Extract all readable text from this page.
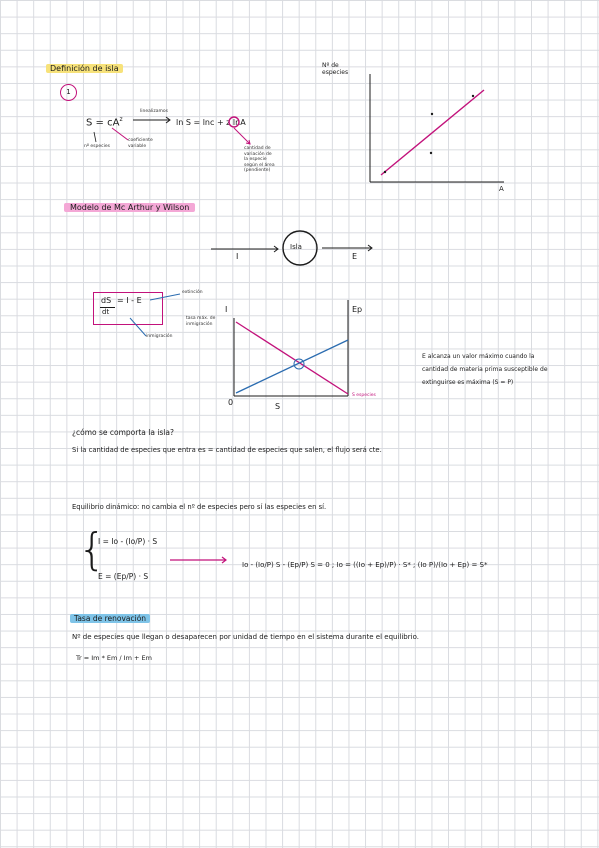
Definición de isla
1
$S = cA^z$
linealizamos
ln S = lnc + z lnA
nº especies
coeficiente variable	cantidad de variación de la especie según el área (pendiente)
Nº de especies
A
Modelo de Mc Arthur y Wilson
Isla
I	E
dS
dt
= I - E
extinción
inmigración
I	Ep
tasa máx. de inmigración
0	S
S especies
E alcanza un valor máximo cuando la cantidad de materia prima susceptible de extinguirse es máxima (S = P)
¿cómo se comporta la isla?
Si la cantidad de especies que entra es = cantidad de especies que salen, el flujo será cte.
Equilibrio dinámico: no cambia el nº de especies pero sí las especies en sí.
{
I = Io - (Io/P) · S
E = (Ep/P) · S
Io - (Io/P) S - (Ep/P) S = 0 ; Io = ((Io + Ep)/P) · S* ; (Io P)/(Io + Ep) = S*
Tasa de renovación
Nº de especies que llegan o desaparecen por unidad de tiempo en el sistema durante el equilibrio.
Tr = Im * Em / Im + Em
